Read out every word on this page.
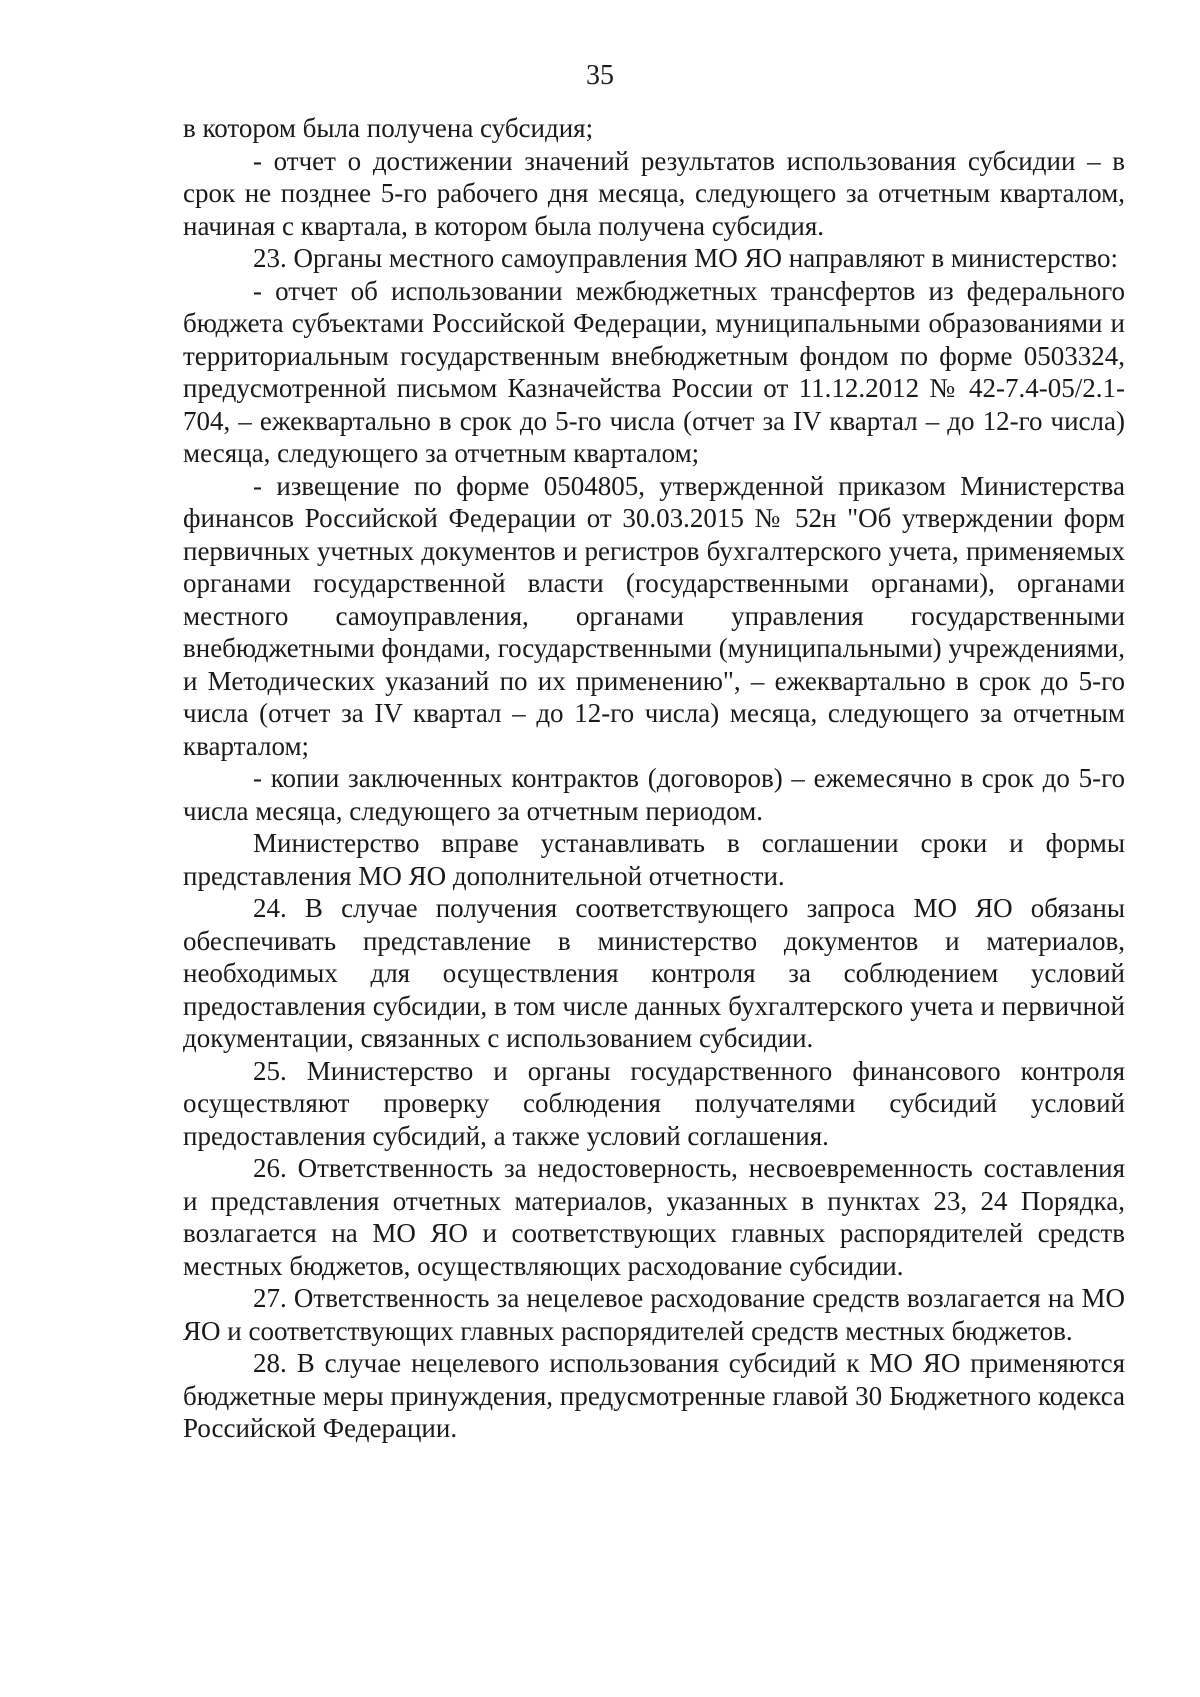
35

в котором была получена субсидия;

- отчет о достижении значений результатов использования субсидии – в срок не позднее 5-го рабочего дня месяца, следующего за отчетным кварталом, начиная с квартала, в котором была получена субсидия.

23. Органы местного самоуправления МО ЯО направляют в министерство:

- отчет об использовании межбюджетных трансфертов из федерального бюджета субъектами Российской Федерации, муниципальными образованиями и территориальным государственным внебюджетным фондом по форме 0503324, предусмотренной письмом Казначейства России от 11.12.2012 № 42-7.4-05/2.1-704, – ежеквартально в срок до 5-го числа (отчет за IV квартал – до 12-го числа) месяца, следующего за отчетным кварталом;

- извещение по форме 0504805, утвержденной приказом Министерства финансов Российской Федерации от 30.03.2015 № 52н "Об утверждении форм первичных учетных документов и регистров бухгалтерского учета, применяемых органами государственной власти (государственными органами), органами местного самоуправления, органами управления государственными внебюджетными фондами, государственными (муниципальными) учреждениями, и Методических указаний по их применению", – ежеквартально в срок до 5-го числа (отчет за IV квартал – до 12-го числа) месяца, следующего за отчетным кварталом;

- копии заключенных контрактов (договоров) – ежемесячно в срок до 5-го числа месяца, следующего за отчетным периодом.

Министерство вправе устанавливать в соглашении сроки и формы представления МО ЯО дополнительной отчетности.

24. В случае получения соответствующего запроса МО ЯО обязаны обеспечивать представление в министерство документов и материалов, необходимых для осуществления контроля за соблюдением условий предоставления субсидии, в том числе данных бухгалтерского учета и первичной документации, связанных с использованием субсидии.

25. Министерство и органы государственного финансового контроля осуществляют проверку соблюдения получателями субсидий условий предоставления субсидий, а также условий соглашения.

26. Ответственность за недостоверность, несвоевременность составления и представления отчетных материалов, указанных в пунктах 23, 24 Порядка, возлагается на МО ЯО и соответствующих главных распорядителей средств местных бюджетов, осуществляющих расходование субсидии.

27. Ответственность за нецелевое расходование средств возлагается на МО ЯО и соответствующих главных распорядителей средств местных бюджетов.

28. В случае нецелевого использования субсидий к МО ЯО применяются бюджетные меры принуждения, предусмотренные главой 30 Бюджетного кодекса Российской Федерации.
